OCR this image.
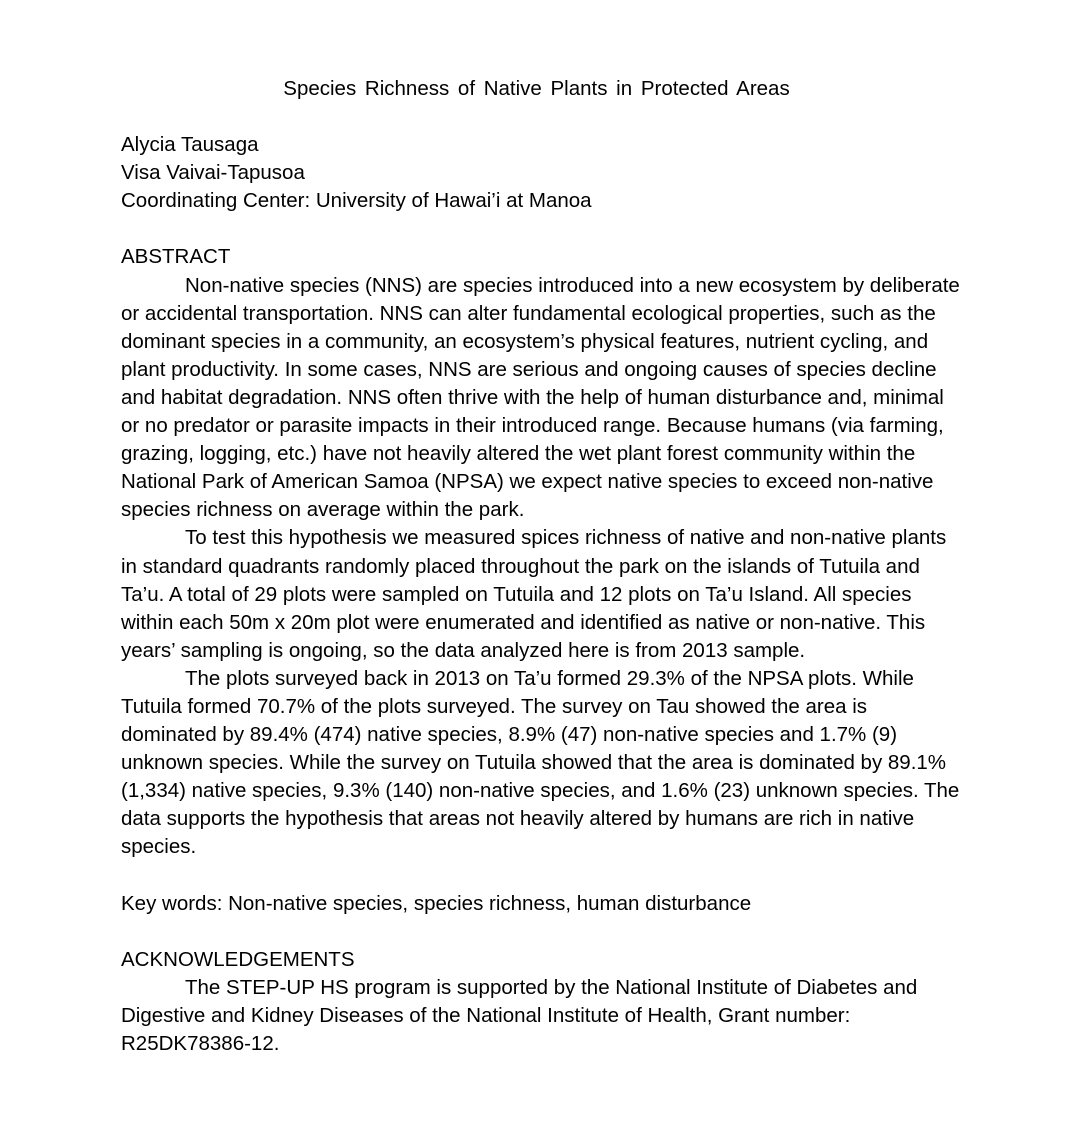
Species Richness of Native Plants in Protected Areas
Alycia Tausaga
Visa Vaivai-Tapusoa
Coordinating Center: University of Hawai’i at Manoa
ABSTRACT

Non-native species (NNS) are species introduced into a new ecosystem by deliberate or accidental transportation. NNS can alter fundamental ecological properties, such as the dominant species in a community, an ecosystem’s physical features, nutrient cycling, and plant productivity. In some cases, NNS are serious and ongoing causes of species decline and habitat degradation. NNS often thrive with the help of human disturbance and, minimal or no predator or parasite impacts in their introduced range. Because humans (via farming, grazing, logging, etc.) have not heavily altered the wet plant forest community within the National Park of American Samoa (NPSA) we expect native species to exceed non-native species richness on average within the park.

To test this hypothesis we measured spices richness of native and non-native plants in standard quadrants randomly placed throughout the park on the islands of Tutuila and Ta’u. A total of 29 plots were sampled on Tutuila and 12 plots on Ta’u Island. All species within each 50m x 20m plot were enumerated and identified as native or non-native. This years’ sampling is ongoing, so the data analyzed here is from 2013 sample.

The plots surveyed back in 2013 on Ta’u formed 29.3% of the NPSA plots. While Tutuila formed 70.7% of the plots surveyed. The survey on Tau showed the area is dominated by 89.4% (474) native species, 8.9% (47) non-native species and 1.7% (9) unknown species. While the survey on Tutuila showed that the area is dominated by 89.1% (1,334) native species, 9.3% (140) non-native species, and 1.6% (23) unknown species. The data supports the hypothesis that areas not heavily altered by humans are rich in native species.

Key words: Non-native species, species richness, human disturbance

ACKNOWLEDGEMENTS

The STEP-UP HS program is supported by the National Institute of Diabetes and Digestive and Kidney Diseases of the National Institute of Health, Grant number: R25DK78386-12.
